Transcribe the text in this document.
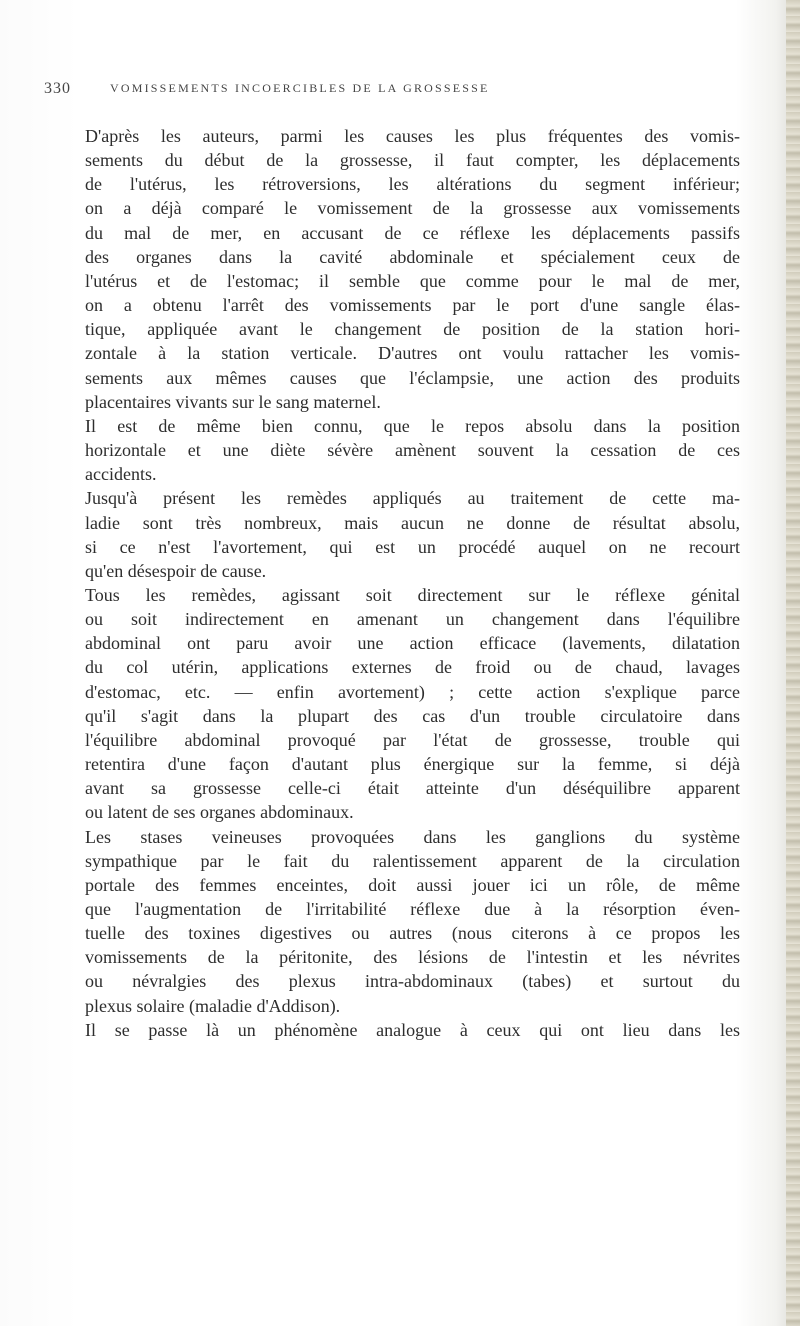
330	VOMISSEMENTS INCOERCIBLES DE LA GROSSESSE

D'après les auteurs, parmi les causes les plus fréquentes des vomis-
sements du début de la grossesse, il faut compter, les déplacements
de l'utérus, les rétroversions, les altérations du segment inférieur;
on a déjà comparé le vomissement de la grossesse aux vomissements
du mal de mer, en accusant de ce réflexe les déplacements passifs
des organes dans la cavité abdominale et spécialement ceux de
l'utérus et de l'estomac; il semble que comme pour le mal de mer,
on a obtenu l'arrêt des vomissements par le port d'une sangle élas-
tique, appliquée avant le changement de position de la station hori-
zontale à la station verticale. D'autres ont voulu rattacher les vomis-
sements aux mêmes causes que l'éclampsie, une action des produits
placentaires vivants sur le sang maternel.

Il est de même bien connu, que le repos absolu dans la position
horizontale et une diète sévère amènent souvent la cessation de ces
accidents.

Jusqu'à présent les remèdes appliqués au traitement de cette ma-
ladie sont très nombreux, mais aucun ne donne de résultat absolu,
si ce n'est l'avortement, qui est un procédé auquel on ne recourt
qu'en désespoir de cause.

Tous les remèdes, agissant soit directement sur le réflexe génital
ou soit indirectement en amenant un changement dans l'équilibre
abdominal ont paru avoir une action efficace (lavements, dilatation
du col utérin, applications externes de froid ou de chaud, lavages
d'estomac, etc. — enfin avortement) ; cette action s'explique parce
qu'il s'agit dans la plupart des cas d'un trouble circulatoire dans
l'équilibre abdominal provoqué par l'état de grossesse, trouble qui
retentira d'une façon d'autant plus énergique sur la femme, si déjà
avant sa grossesse celle-ci était atteinte d'un déséquilibre apparent
ou latent de ses organes abdominaux.

Les stases veineuses provoquées dans les ganglions du système
sympathique par le fait du ralentissement apparent de la circulation
portale des femmes enceintes, doit aussi jouer ici un rôle, de même
que l'augmentation de l'irritabilité réflexe due à la résorption éven-
tuelle des toxines digestives ou autres (nous citerons à ce propos les
vomissements de la péritonite, des lésions de l'intestin et les névrites
ou névralgies des plexus intra-abdominaux (tabes) et surtout du
plexus solaire (maladie d'Addison).

Il se passe là un phénomène analogue à ceux qui ont lieu dans les
